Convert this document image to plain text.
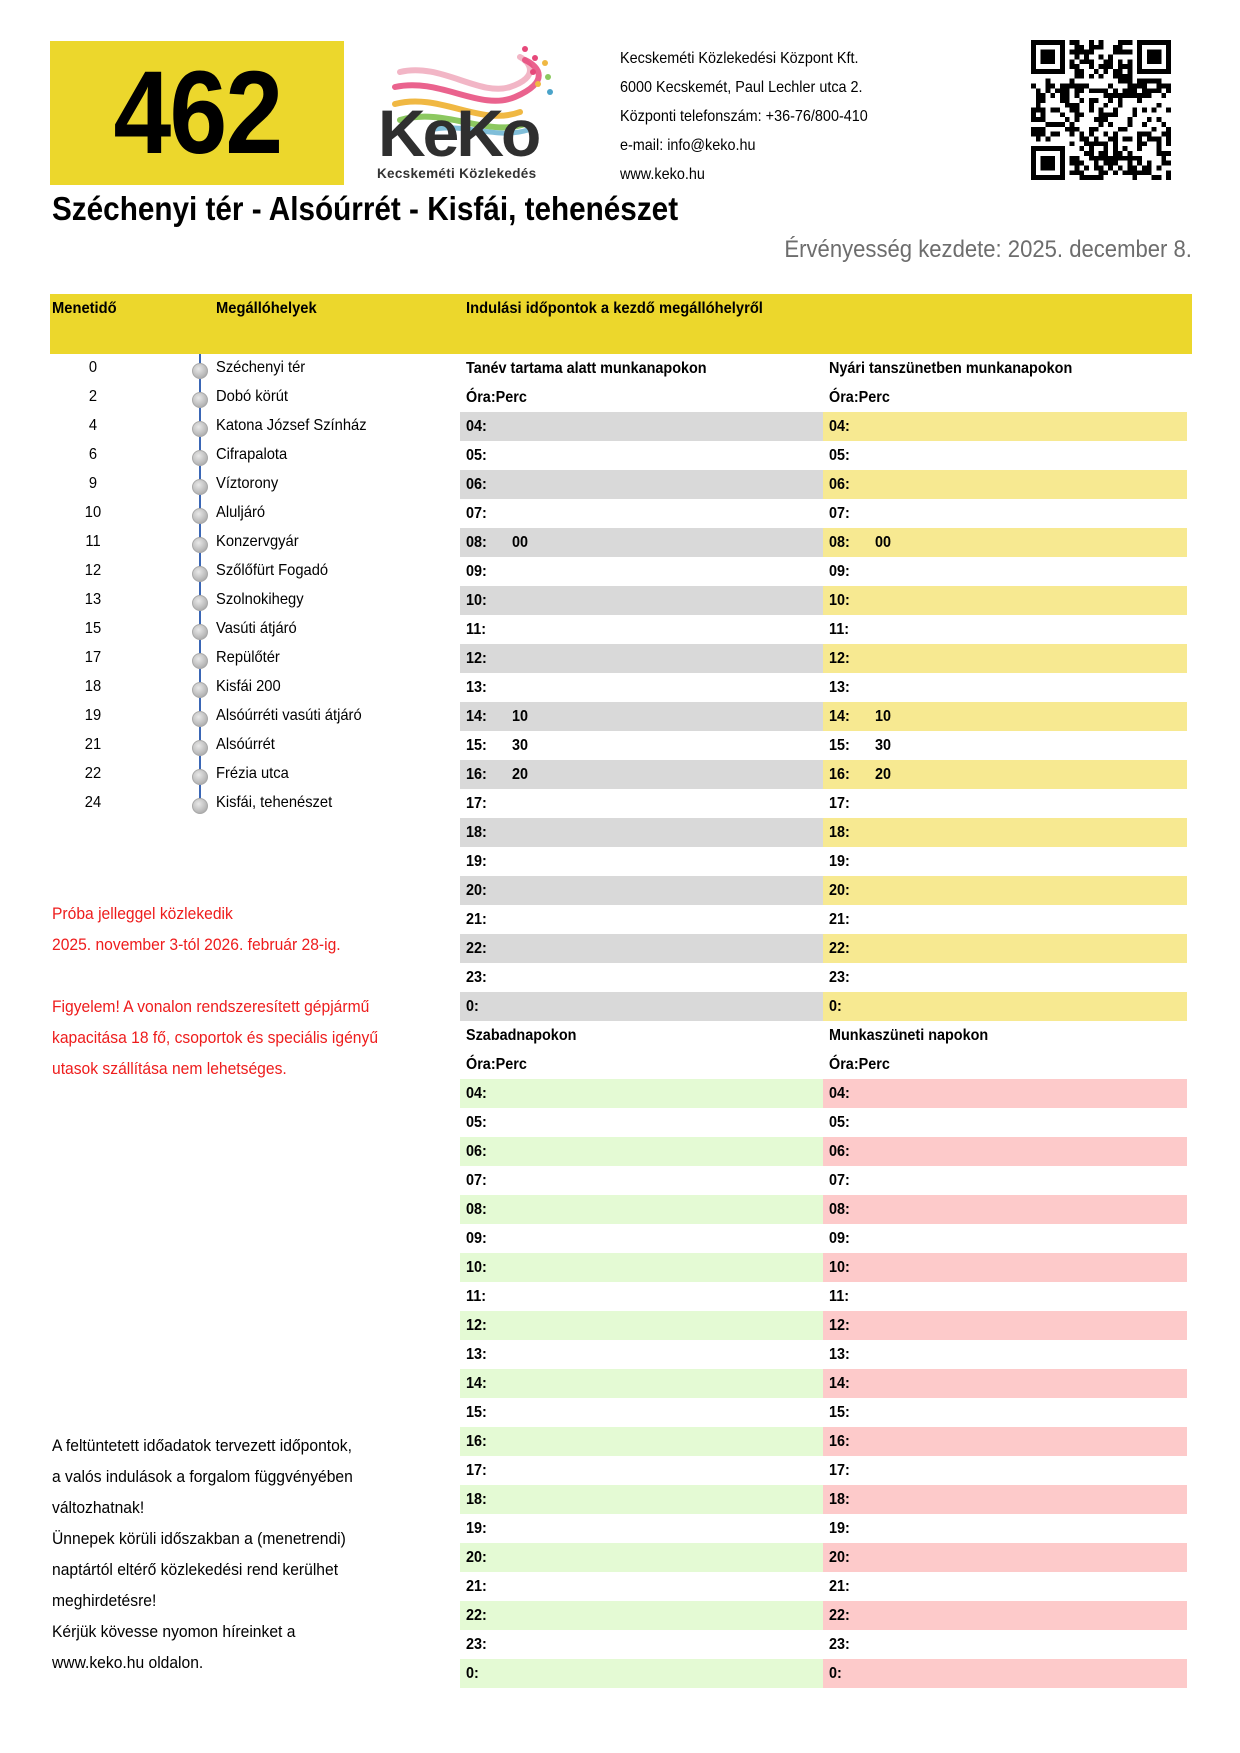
462 KeKo
Kecskeméti Közlekedés
Kecskeméti Közlekedési Központ Kft.
6000 Kecskemét, Paul Lechler utca 2.
Központi telefonszám: +36-76/800-410
e-mail: info@keko.hu
www.keko.hu
Széchenyi tér - Alsóúrrét - Kisfái, tehenészet
Érvényesség kezdete: 2025. december 8.
Menetidő	Megállóhelyek	Indulási időpontok a kezdő megállóhelyről
0	Széchenyi tér
2	Dobó körút
4	Katona József Színház
6	Cifrapalota
9	Víztorony
10	Aluljáró
11	Konzervgyár
12	Szőlőfürt Fogadó
13	Szolnokihegy
15	Vasúti átjáró
17	Repülőtér
18	Kisfái 200
19	Alsóúrréti vasúti átjáró
21	Alsóúrrét
22	Frézia utca
24	Kisfái, tehenészet
Próba jelleggel közlekedik
2025. november 3-tól 2026. február 28-ig.
Figyelem! A vonalon rendszeresített gépjármű
kapacitása 18 fő, csoportok és speciális igényű
utasok szállítása nem lehetséges.
A feltüntetett időadatok tervezett időpontok,
a valós indulások a forgalom függvényében
változhatnak!
Ünnepek körüli időszakban a (menetrendi)
naptártól eltérő közlekedési rend kerülhet
meghirdetésre!
Kérjük kövesse nyomon híreinket a
www.keko.hu oldalon.
Tanév tartama alatt munkanapokon
Óra:Perc
04:
05:
06:
07:
08: 00
09:
10:
11:
12:
13:
14: 10
15: 30
16: 20
17:
18:
19:
20:
21:
22:
23:
0:
Nyári tanszünetben munkanapokon
Óra:Perc
04:
05:
06:
07:
08: 00
09:
10:
11:
12:
13:
14: 10
15: 30
16: 20
17:
18:
19:
20:
21:
22:
23:
0:
Szabadnapokon
Óra:Perc
04:
05:
06:
07:
08:
09:
10:
11:
12:
13:
14:
15:
16:
17:
18:
19:
20:
21:
22:
23:
0:
Munkaszüneti napokon
Óra:Perc
04:
05:
06:
07:
08:
09:
10:
11:
12:
13:
14:
15:
16:
17:
18:
19:
20:
21:
22:
23:
0:
